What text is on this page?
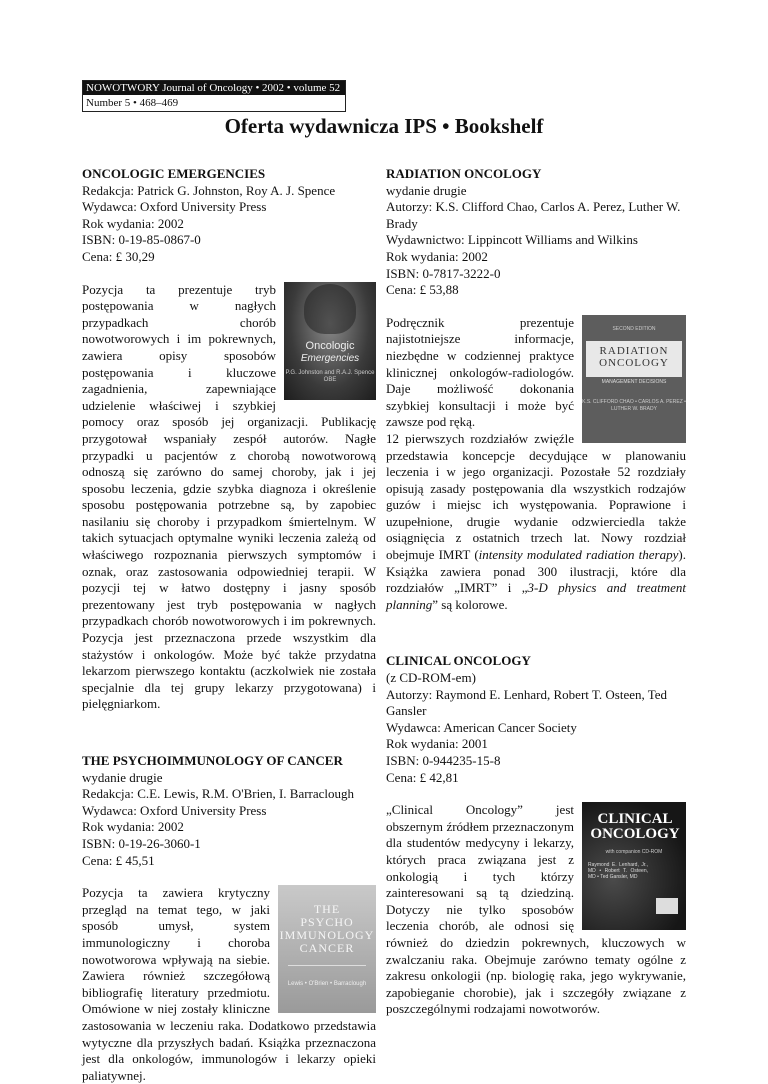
NOWOTWORY Journal of Oncology • 2002 • volume 52
Number 5 • 468–469
Oferta wydawnicza IPS • Bookshelf
ONCOLOGIC EMERGENCIES
Redakcja: Patrick G. Johnston, Roy A. J. Spence
Wydawca: Oxford University Press
Rok wydania: 2002
ISBN: 0-19-85-0867-0
Cena: £ 30,29
Oncologic
Emergencies
P.G. Johnston and R.A.J. Spence OBE
Pozycja ta prezentuje tryb postępowania w nagłych przypadkach chorób nowotworowych i im pokrewnych, zawiera opisy sposobów postępowania i kluczowe zagadnienia, zapewniające udzielenie właściwej i szybkiej pomocy oraz sposób jej organizacji. Publikację przygotował wspaniały zespół autorów. Nagłe przypadki u pacjentów z chorobą nowotworową odnoszą się zarówno do samej choroby, jak i jej sposobu leczenia, gdzie szybka diagnoza i określenie sposobu postępowania potrzebne są, by zapobiec nasilaniu się choroby i przypadkom śmiertelnym. W takich sytuacjach optymalne wyniki leczenia zależą od właściwego rozpoznania pierwszych symptomów i oznak, oraz zastosowania odpowiedniej terapii. W pozycji tej w łatwo dostępny i jasny sposób prezentowany jest tryb postępowania w nagłych przypadkach chorób nowotworowych i im pokrewnych. Pozycja jest przeznaczona przede wszystkim dla stażystów i onkologów. Może być także przydatna lekarzom pierwszego kontaktu (aczkolwiek nie została specjalnie dla tej grupy lekarzy przygotowana) i pielęgniarkom.
THE PSYCHOIMMUNOLOGY OF CANCER
wydanie drugie
Redakcja: C.E. Lewis, R.M. O'Brien, I. Barraclough
Wydawca: Oxford University Press
Rok wydania: 2002
ISBN: 0-19-26-3060-1
Cena: £ 45,51
THE
PSYCHO
IMMUNOLOGY
CANCER
Lewis • O'Brien • Barraclough
Pozycja ta zawiera krytyczny przegląd na temat tego, w jaki sposób umysł, system immunologiczny i choroba nowotworowa wpływają na siebie. Zawiera również szczegółową bibliografię literatury przedmiotu. Omówione w niej zostały kliniczne zastosowania w leczeniu raka. Dodatkowo przedstawia wytyczne dla przyszłych badań. Książka przeznaczona jest dla onkologów, immunologów i lekarzy opieki paliatywnej.
RADIATION ONCOLOGY
wydanie drugie
Autorzy: K.S. Clifford Chao, Carlos A. Perez, Luther W. Brady
Wydawnictwo: Lippincott Williams and Wilkins
Rok wydania: 2002
ISBN: 0-7817-3222-0
Cena: £ 53,88
SECOND EDITION
RADIATION
ONCOLOGY
MANAGEMENT DECISIONS
K.S. CLIFFORD CHAO • CARLOS A. PEREZ • LUTHER W. BRADY
Podręcznik prezentuje najistotniejsze informacje, niezbędne w codziennej praktyce klinicznej onkologów-radiologów. Daje możliwość dokonania szybkiej konsultacji i może być zawsze pod ręką.
12 pierwszych rozdziałów zwięźle przedstawia koncepcje decydujące w planowaniu leczenia i w jego organizacji. Pozostałe 52 rozdziały opisują zasady postępowania dla wszystkich rodzajów guzów i miejsc ich występowania. Poprawione i uzupełnione, drugie wydanie odzwierciedla także osiągnięcia z ostatnich trzech lat. Nowy rozdział obejmuje IMRT (intensity modulated radiation therapy). Książka zawiera ponad 300 ilustracji, które dla rozdziałów „IMRT” i „3-D physics and treatment planning” są kolorowe.
CLINICAL ONCOLOGY
(z CD-ROM-em)
Autorzy: Raymond E. Lenhard, Robert T. Osteen, Ted Gansler
Wydawca: American Cancer Society
Rok wydania: 2001
ISBN: 0-944235-15-8
Cena: £ 42,81
CLINICAL
ONCOLOGY
with companion CD-ROM
Raymond E. Lenhard, Jr., MD • Robert T. Osteen, MD • Ted Gansler, MD
„Clinical Oncology” jest obszernym źródłem przeznaczonym dla studentów medycyny i lekarzy, których praca związana jest z onkologią i tych którzy zainteresowani są tą dziedziną. Dotyczy nie tylko sposobów leczenia chorób, ale odnosi się również do dziedzin pokrewnych, kluczowych w zwalczaniu raka. Obejmuje zarówno tematy ogólne z zakresu onkologii (np. biologię raka, jego wykrywanie, zapobieganie chorobie), jak i szczegóły związane z poszczególnymi rodzajami nowotworów.
